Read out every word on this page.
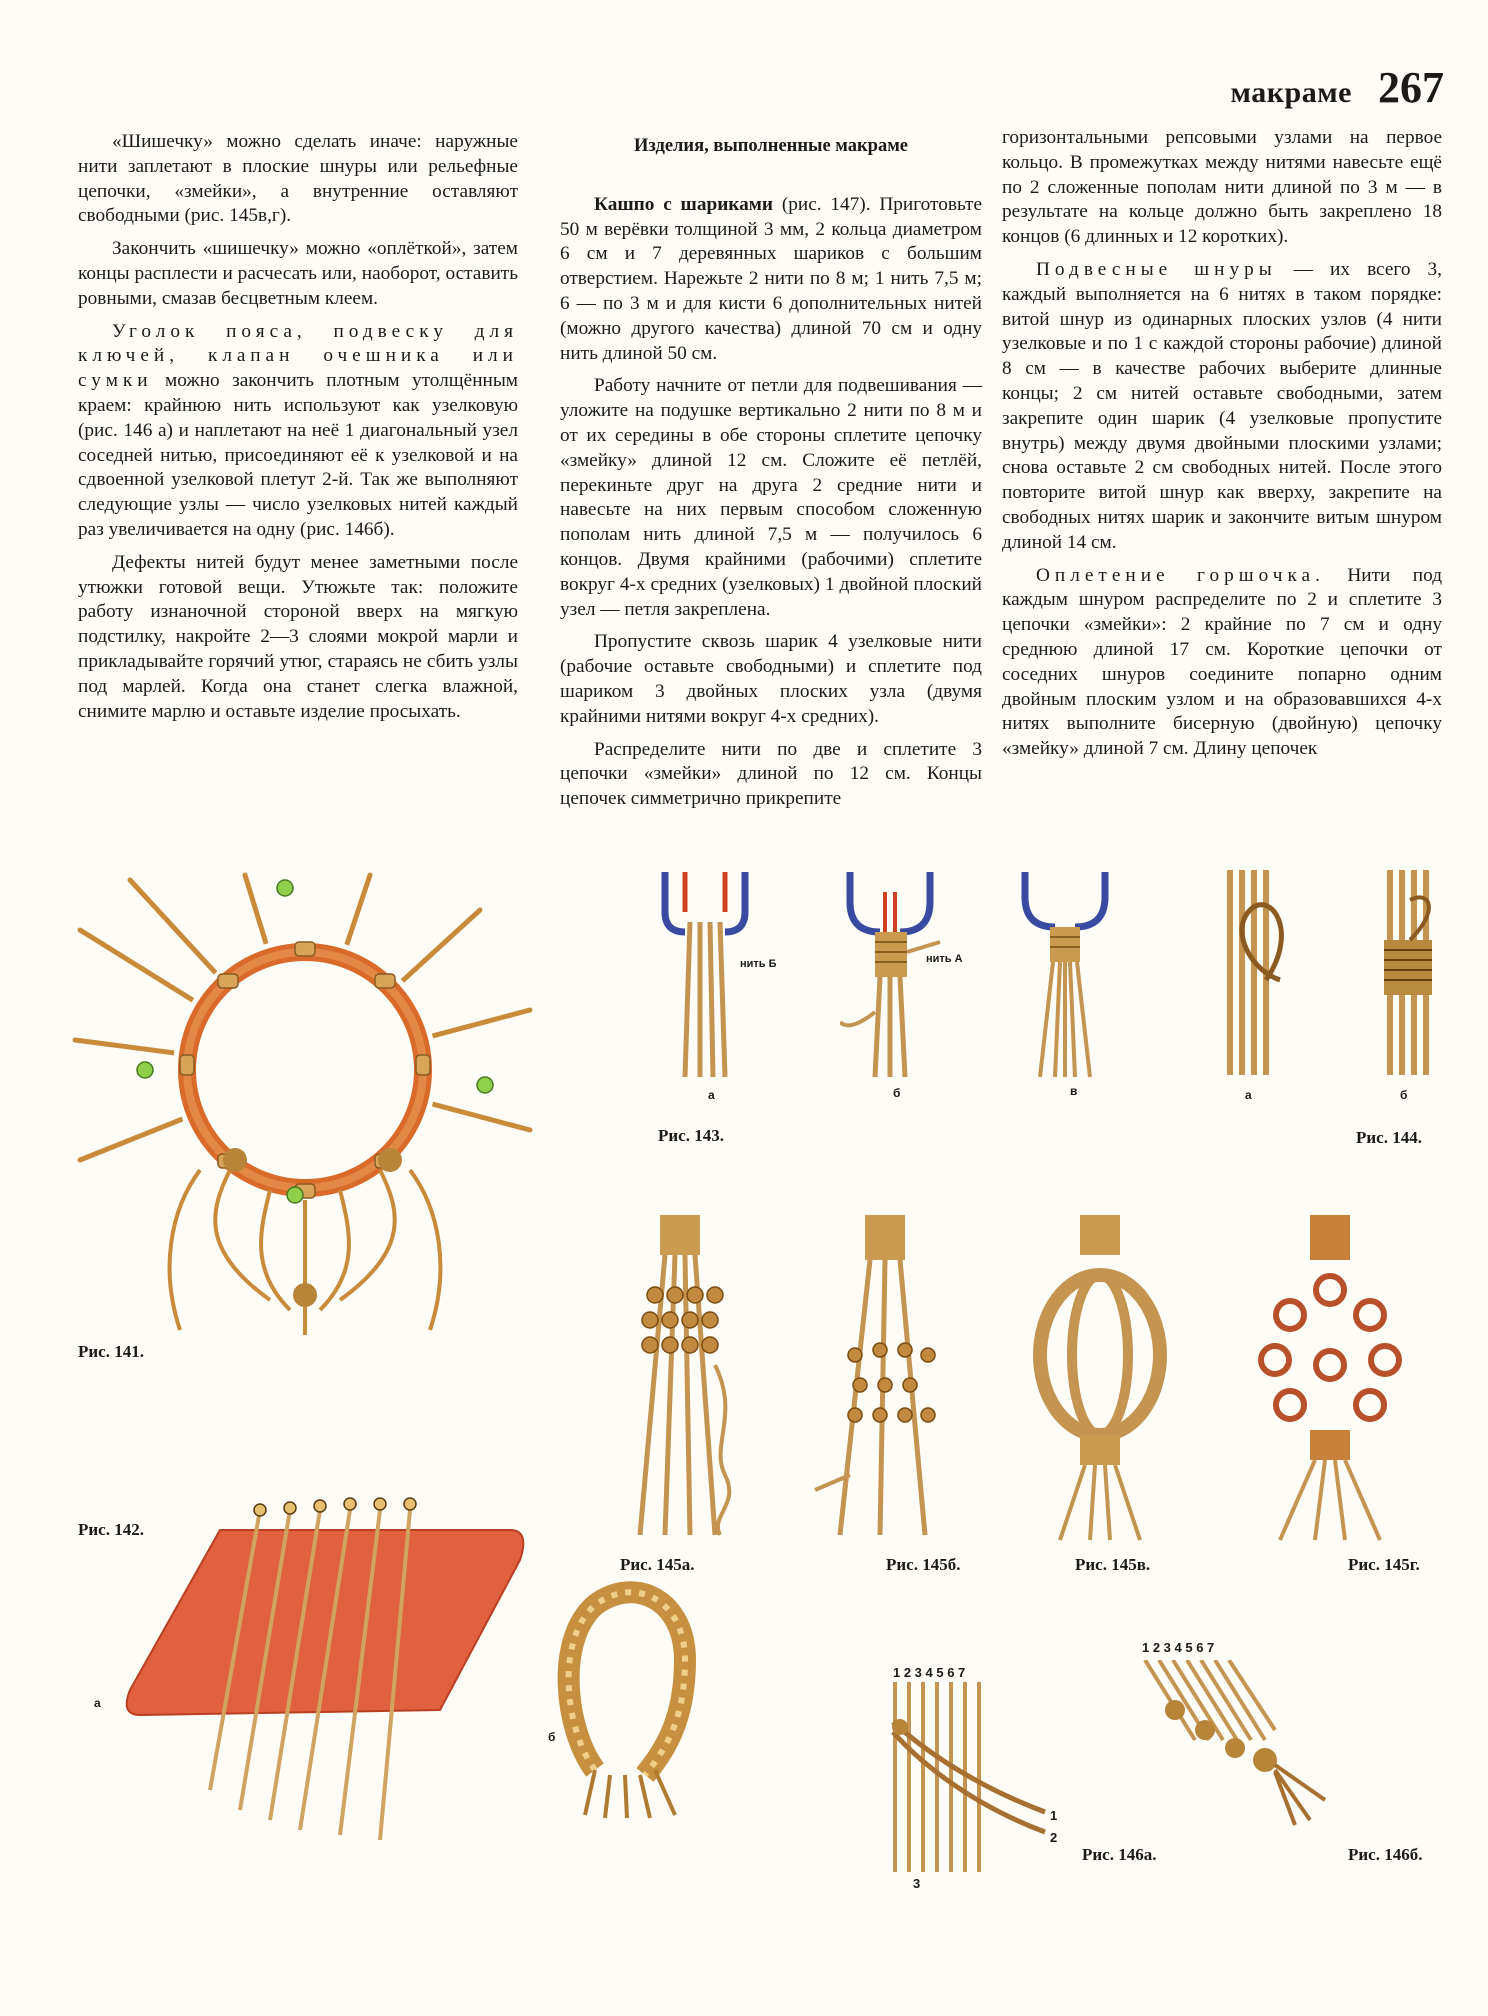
макраме 267

«Шишечку» можно сделать иначе: наружные нити заплетают в плоские шнуры или рельефные цепочки, «змейки», а внутренние оставляют свободными (рис. 145в,г).

Закончить «шишечку» можно «оплёткой», затем концы расплести и расчесать или, наоборот, оставить ровными, смазав бесцветным клеем.

Уголок пояса, подвеску для ключей, клапан очешника или сумки можно закончить плотным утолщённым краем: крайнюю нить используют как узелковую (рис. 146 а) и наплетают на неё 1 диагональный узел соседней нитью, присоединяют её к узелковой и на сдвоенной узелковой плетут 2-й. Так же выполняют следующие узлы — число узелковых нитей каждый раз увеличивается на одну (рис. 146б).

Дефекты нитей будут менее заметными после утюжки готовой вещи. Утюжьте так: положите работу изнаночной стороной вверх на мягкую подстилку, накройте 2—3 слоями мокрой марли и прикладывайте горячий утюг, стараясь не сбить узлы под марлей. Когда она станет слегка влажной, снимите марлю и оставьте изделие просыхать.

Изделия, выполненные макраме

Кашпо с шариками (рис. 147). Приготовьте 50 м верёвки толщиной 3 мм, 2 кольца диаметром 6 см и 7 деревянных шариков с большим отверстием. Нарежьте 2 нити по 8 м; 1 нить 7,5 м; 6 — по 3 м и для кисти 6 дополнительных нитей (можно другого качества) длиной 70 см и одну нить длиной 50 см.

Работу начните от петли для подвешивания — уложите на подушке вертикально 2 нити по 8 м и от их середины в обе стороны сплетите цепочку «змейку» длиной 12 см. Сложите её петлёй, перекиньте друг на друга 2 средние нити и навесьте на них первым способом сложенную пополам нить длиной 7,5 м — получилось 6 концов. Двумя крайними (рабочими) сплетите вокруг 4-х средних (узелковых) 1 двойной плоский узел — петля закреплена.

Пропустите сквозь шарик 4 узелковые нити (рабочие оставьте свободными) и сплетите под шариком 3 двойных плоских узла (двумя крайними нитями вокруг 4-х средних).

Распределите нити по две и сплетите 3 цепочки «змейки» длиной по 12 см. Концы цепочек симметрично прикрепите

горизонтальными репсовыми узлами на первое кольцо. В промежутках между нитями навесьте ещё по 2 сложенные пополам нити длиной по 3 м — в результате на кольце должно быть закреплено 18 концов (6 длинных и 12 коротких).

Подвесные шнуры — их всего 3, каждый выполняется на 6 нитях в таком порядке: витой шнур из одинарных плоских узлов (4 нити узелковые и по 1 с каждой стороны рабочие) длиной 8 см — в качестве рабочих выберите длинные концы; 2 см нитей оставьте свободными, затем закрепите один шарик (4 узелковые пропустите внутрь) между двумя двойными плоскими узлами; снова оставьте 2 см свободных нитей. После этого повторите витой шнур как вверху, закрепите на свободных нитях шарик и закончите витым шнуром длиной 14 см.

Оплетение горшочка. Нити под каждым шнуром распределите по 2 и сплетите 3 цепочки «змейки»: 2 крайние по 7 см и одну среднюю длиной 17 см. Короткие цепочки от соседних шнуров соедините попарно одним двойным плоским узлом и на образовавшихся 4-х нитях выполните бисерную (двойную) цепочку «змейку» длиной 7 см. Длину цепочек

Рис. 141.
Рис. 142.
а
б
нить Б	нить А
а	б	в
Рис. 143.
а	б
Рис. 144.
Рис. 145а.	Рис. 145б.	Рис. 145в.	Рис. 145г.
1 2 3 4 5 6 7
1
2
3
Рис. 146а.
1 2 3 4 5 6 7
Рис. 146б.
